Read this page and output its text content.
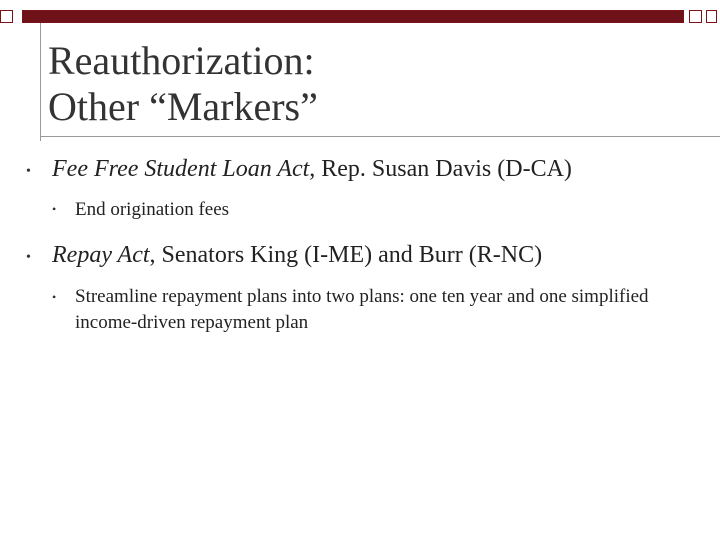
Reauthorization:
Other “Markers”
• Fee Free Student Loan Act, Rep. Susan Davis (D-CA)
• End origination fees
• Repay Act, Senators King (I-ME) and Burr (R-NC)
• Streamline repayment plans into two plans: one ten year and one simplified income-driven repayment plan
